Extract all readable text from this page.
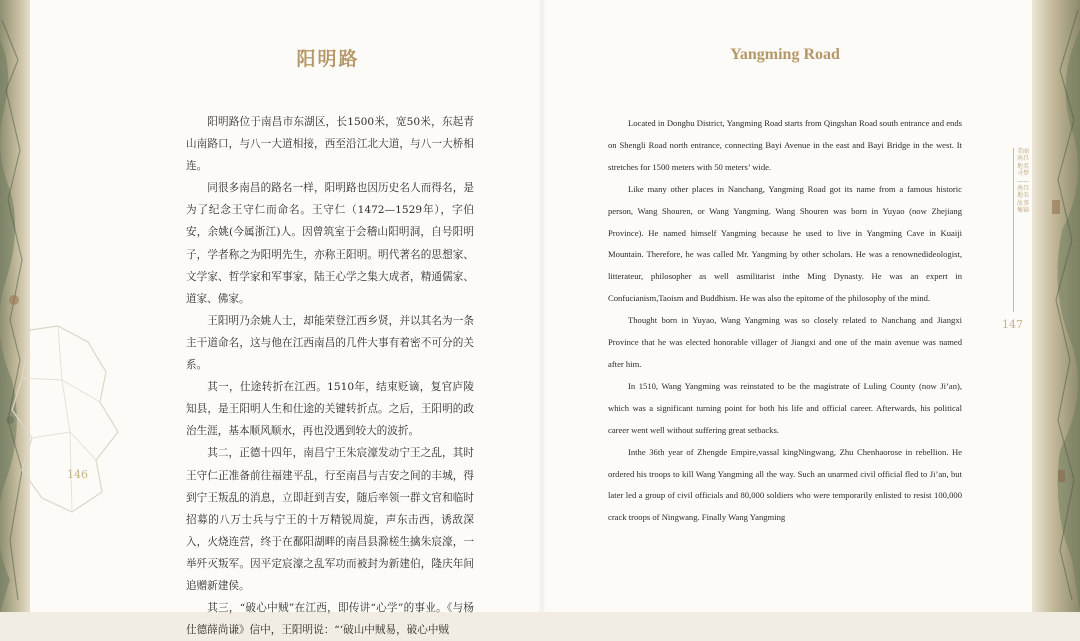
阳明路	Yangming Road

阳明路位于南昌市东湖区，长1500米，宽50米，东起青山南路口，与八一大道相接，西至沿江北大道，与八一大桥相连。

同很多南昌的路名一样，阳明路也因历史名人而得名，是为了纪念王守仁而命名。王守仁（1472—1529年），字伯安，余姚(今属浙江)人。因曾筑室于会稽山阳明洞，自号阳明子，学者称之为阳明先生，亦称王阳明。明代著名的思想家、文学家、哲学家和军事家，陆王心学之集大成者，精通儒家、道家、佛家。

王阳明乃余姚人士，却能荣登江西乡贤，并以其名为一条主干道命名，这与他在江西南昌的几件大事有着密不可分的关系。

其一，仕途转折在江西。1510年，结束贬谪，复官庐陵知县，是王阳明人生和仕途的关键转折点。之后，王阳明的政治生涯，基本顺风顺水，再也没遇到较大的波折。

其二，正德十四年，南昌宁王朱宸濠发动宁王之乱，其时王守仁正准备前往福建平乱，行至南昌与吉安之间的丰城，得到宁王叛乱的消息，立即赶到吉安，随后率领一群文官和临时招募的八万士兵与宁王的十万精锐周旋，声东击西，诱敌深入，火烧连营，终于在鄱阳湖畔的南昌县滁槎生擒朱宸濠，一举歼灭叛军。因平定宸濠之乱军功而被封为新建伯，隆庆年间追赠新建侯。

其三，“破心中贼”在江西，即传讲“心学”的事业。《与杨仕德薛尚谦》信中，王阳明说：“‘破山中贼易，破心中贼

Located in Donghu District, Yangming Road starts from Qingshan Road south entrance and ends on Shengli Road north entrance, connecting Bayi Avenue in the east and Bayi Bridge in the west. It stretches for 1500 meters with 50 meters’ wide.

Like many other places in Nanchang, Yangming Road got its name from a famous historic person, Wang Shouren, or Wang Yangming. Wang Shouren was born in Yuyao (now Zhejiang Province). He named himself Yangming because he used to live in Yangming Cave in Kuaiji Mountain. Therefore, he was called Mr. Yangming by other scholars. He was a renownedideologist, litterateur, philosopher as well asmilitarist inthe Ming Dynasty. He was an expert in Confucianism,Taoism and Buddhism. He was also the epitome of the philosophy of the mind.

Thought born in Yuyao, Wang Yangming was so closely related to Nanchang and Jiangxi Province that he was elected honorable villager of Jiangxi and one of the main avenue was named after him.

In 1510, Wang Yangming was reinstated to be the magistrate of Luling County (now Ji’an), which was a significant turning point for both his life and official career. Afterwards, his political career went well without suffering great setbacks.

Inthe 36th year of Zhengde Empire,vassal kingNingwang, Zhu Chenhaorose in rebellion. He ordered his troops to kill Wang Yangming all the way. Such an unarmed civil official fled to Ji’an, but later led a group of civil officials and 80,000 soldiers who were temporarily enlisted to resist 100,000 crack troops of Ningwang. Finally Wang Yangming

146
147
美丽南昌 地名寻梦——南昌地名故事集锦
